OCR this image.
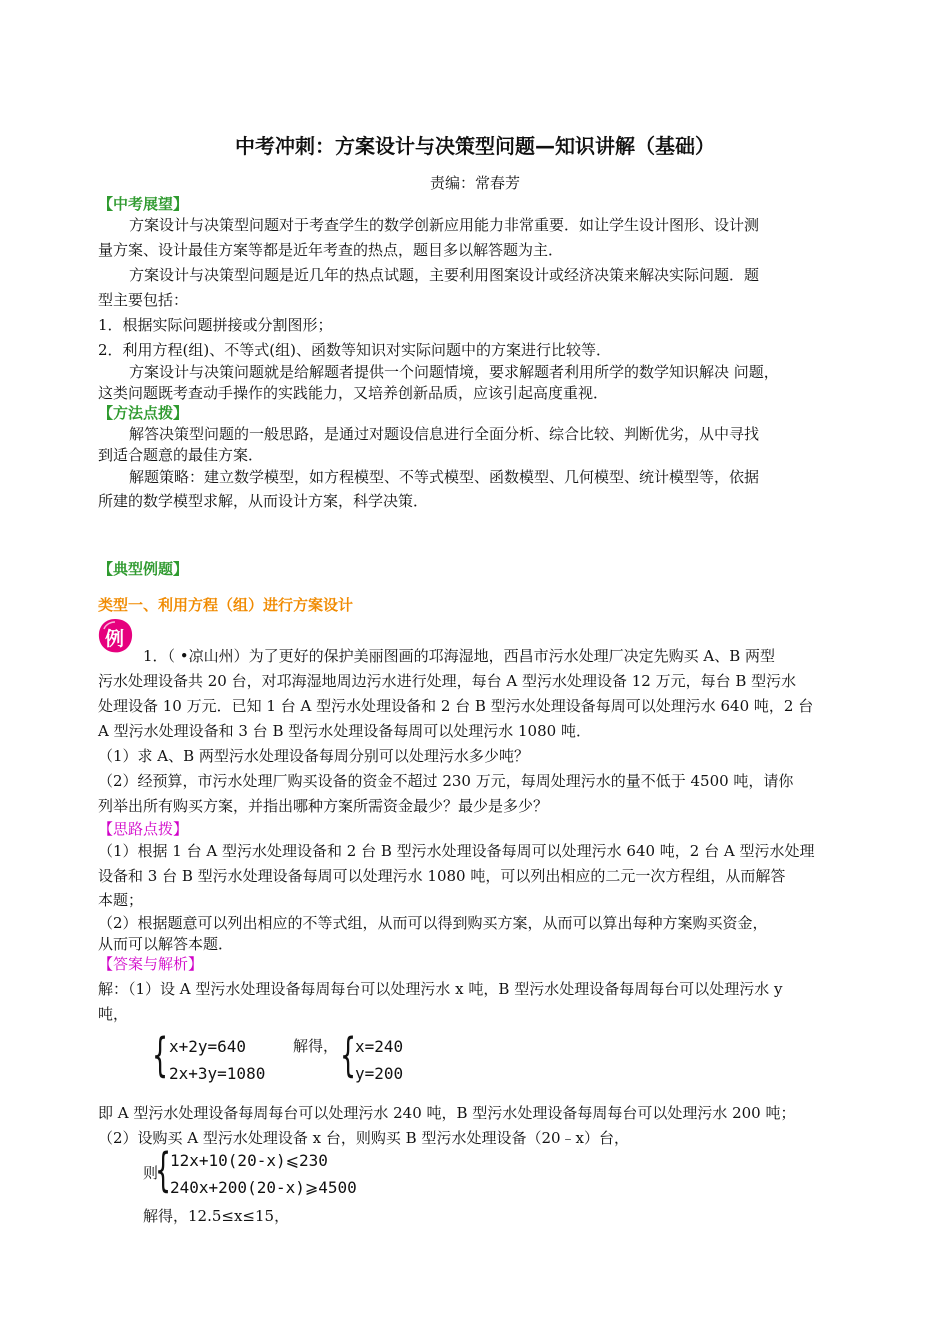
中考冲刺：方案设计与决策型问题—知识讲解（基础）
责编：常春芳
【中考展望】
方案设计与决策型问题对于考查学生的数学创新应用能力非常重要．如让学生设计图形、设计测
量方案、设计最佳方案等都是近年考查的热点，题目多以解答题为主．
方案设计与决策型问题是近几年的热点试题，主要利用图案设计或经济决策来解决实际问题．题
型主要包括：
1．根据实际问题拼接或分割图形；
2．利用方程(组)、不等式(组)、函数等知识对实际问题中的方案进行比较等．
方案设计与决策问题就是给解题者提供一个问题情境，要求解题者利用所学的数学知识解决 问题，
这类问题既考查动手操作的实践能力，又培养创新品质，应该引起高度重视．
【方法点拨】
解答决策型问题的一般思路，是通过对题设信息进行全面分析、综合比较、判断优劣，从中寻找
到适合题意的最佳方案．
解题策略：建立数学模型，如方程模型、不等式模型、函数模型、几何模型、统计模型等，依据
所建的数学模型求解，从而设计方案，科学决策．
【典型例题】
类型一、利用方程（组）进行方案设计
例
1．（ •凉山州）为了更好的保护美丽图画的邛海湿地，西昌市污水处理厂决定先购买 A、B 两型
污水处理设备共 20 台，对邛海湿地周边污水进行处理，每台 A 型污水处理设备 12 万元，每台 B 型污水
处理设备 10 万元．已知 1 台 A 型污水处理设备和 2 台 B 型污水处理设备每周可以处理污水 640 吨，2 台
A 型污水处理设备和 3 台 B 型污水处理设备每周可以处理污水 1080 吨．
（1）求 A、B 两型污水处理设备每周分别可以处理污水多少吨？
（2）经预算，市污水处理厂购买设备的资金不超过 230 万元，每周处理污水的量不低于 4500 吨，请你
列举出所有购买方案，并指出哪种方案所需资金最少？最少是多少？
【思路点拨】
（1）根据 1 台 A 型污水处理设备和 2 台 B 型污水处理设备每周可以处理污水 640 吨，2 台 A 型污水处理
设备和 3 台 B 型污水处理设备每周可以处理污水 1080 吨，可以列出相应的二元一次方程组，从而解答
本题；
（2）根据题意可以列出相应的不等式组，从而可以得到购买方案，从而可以算出每种方案购买资金，
从而可以解答本题．
【答案与解析】
解：（1）设 A 型污水处理设备每周每台可以处理污水 x 吨，B 型污水处理设备每周每台可以处理污水 y
吨，
{ x+2y=640
2x+3y=1080
解得， {
x=240
y=200
即 A 型污水处理设备每周每台可以处理污水 240 吨，B 型污水处理设备每周每台可以处理污水 200 吨；
（2）设购买 A 型污水处理设备 x 台，则购买 B 型污水处理设备（20﹣x）台，
则
{
12x+10(20-x)⩽230
240x+200(20-x)⩾4500
解得，12.5≤x≤15，
